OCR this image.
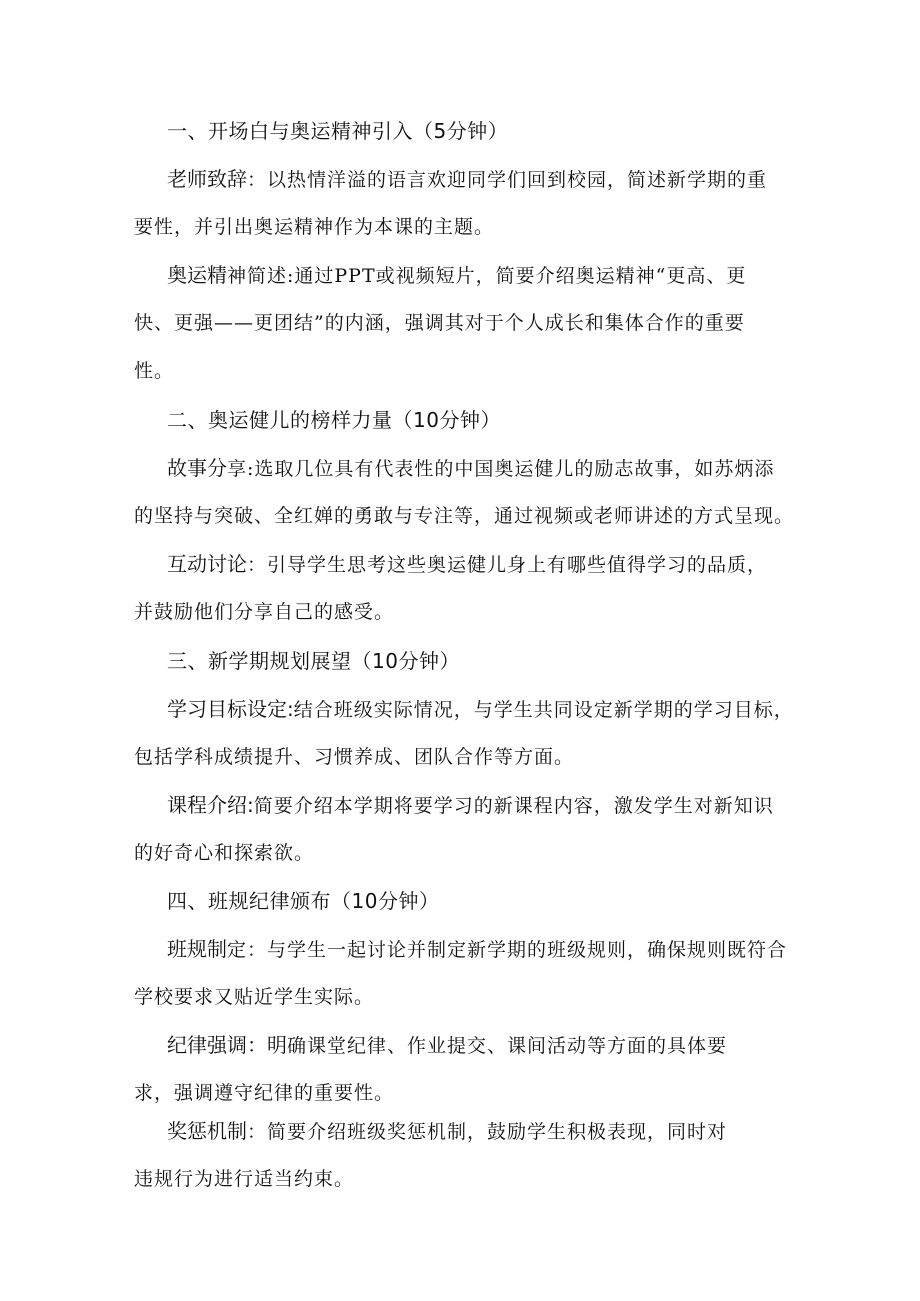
一、开场白与奥运精神引入（5分钟）
老师致辞：以热情洋溢的语言欢迎同学们回到校园，简述新学期的重
要性，并引出奥运精神作为本课的主题。
奥运精神简述:通过PPT或视频短片，简要介绍奥运精神“更高、更
快、更强——更团结”的内涵，强调其对于个人成长和集体合作的重要
性。
二、奥运健儿的榜样力量（10分钟）
故事分享:选取几位具有代表性的中国奥运健儿的励志故事，如苏炳添
的坚持与突破、全红婵的勇敢与专注等，通过视频或老师讲述的方式呈现。
互动讨论：引导学生思考这些奥运健儿身上有哪些值得学习的品质，
并鼓励他们分享自己的感受。
三、新学期规划展望（10分钟）
学习目标设定:结合班级实际情况，与学生共同设定新学期的学习目标，
包括学科成绩提升、习惯养成、团队合作等方面。
课程介绍:简要介绍本学期将要学习的新课程内容，激发学生对新知识
的好奇心和探索欲。
四、班规纪律颁布（10分钟）
班规制定：与学生一起讨论并制定新学期的班级规则，确保规则既符合
学校要求又贴近学生实际。
纪律强调：明确课堂纪律、作业提交、课间活动等方面的具体要
求，强调遵守纪律的重要性。
奖惩机制：简要介绍班级奖惩机制，鼓励学生积极表现，同时对
违规行为进行适当约束。
